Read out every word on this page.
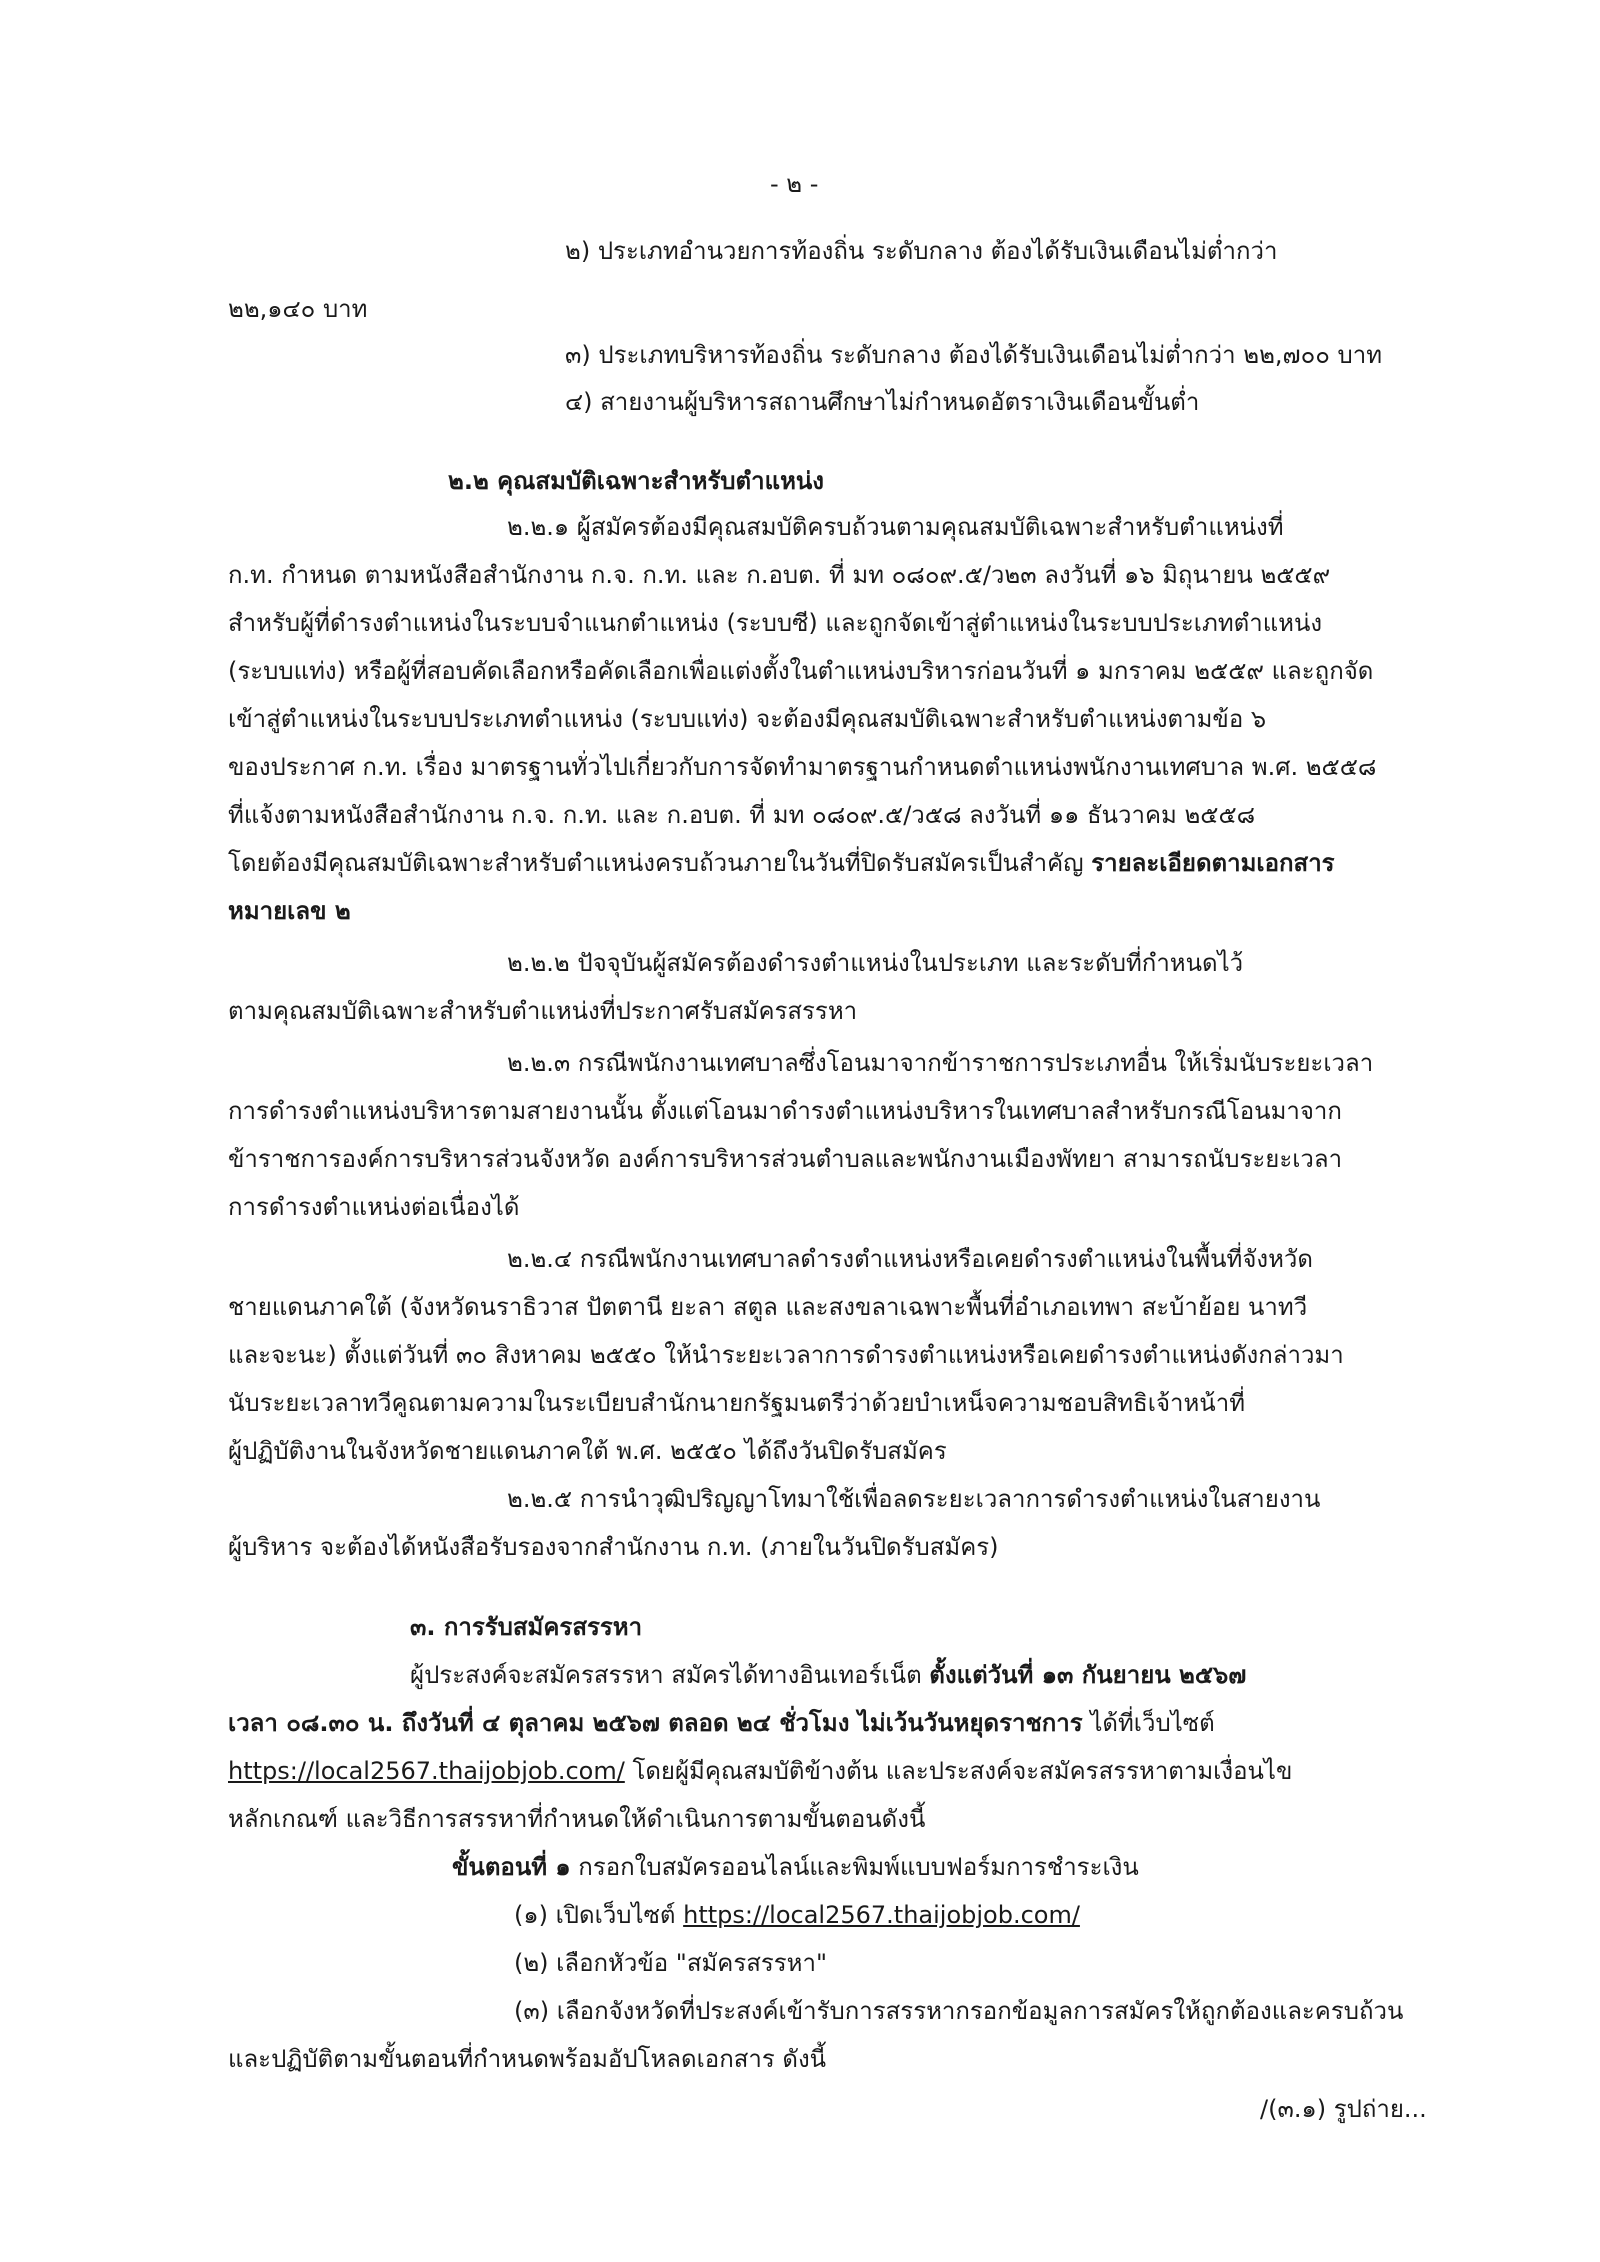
- ๒ -
๒) ประเภทอำนวยการท้องถิ่น ระดับกลาง ต้องได้รับเงินเดือนไม่ต่ำกว่า
๒๒,๑๔๐ บาท
๓) ประเภทบริหารท้องถิ่น ระดับกลาง ต้องได้รับเงินเดือนไม่ต่ำกว่า ๒๒,๗๐๐ บาท
๔) สายงานผู้บริหารสถานศึกษาไม่กำหนดอัตราเงินเดือนขั้นต่ำ
๒.๒ คุณสมบัติเฉพาะสำหรับตำแหน่ง
๒.๒.๑ ผู้สมัครต้องมีคุณสมบัติครบถ้วนตามคุณสมบัติเฉพาะสำหรับตำแหน่งที่
ก.ท. กำหนด ตามหนังสือสำนักงาน ก.จ. ก.ท. และ ก.อบต. ที่ มท ๐๘๐๙.๕/ว๒๓ ลงวันที่ ๑๖ มิถุนายน ๒๕๕๙
สำหรับผู้ที่ดำรงตำแหน่งในระบบจำแนกตำแหน่ง (ระบบซี) และถูกจัดเข้าสู่ตำแหน่งในระบบประเภทตำแหน่ง
(ระบบแท่ง) หรือผู้ที่สอบคัดเลือกหรือคัดเลือกเพื่อแต่งตั้งในตำแหน่งบริหารก่อนวันที่ ๑ มกราคม ๒๕๕๙ และถูกจัด
เข้าสู่ตำแหน่งในระบบประเภทตำแหน่ง (ระบบแท่ง) จะต้องมีคุณสมบัติเฉพาะสำหรับตำแหน่งตามข้อ ๖
ของประกาศ ก.ท. เรื่อง มาตรฐานทั่วไปเกี่ยวกับการจัดทำมาตรฐานกำหนดตำแหน่งพนักงานเทศบาล พ.ศ. ๒๕๕๘
ที่แจ้งตามหนังสือสำนักงาน ก.จ. ก.ท. และ ก.อบต. ที่ มท ๐๘๐๙.๕/ว๕๘ ลงวันที่ ๑๑ ธันวาคม ๒๕๕๘
โดยต้องมีคุณสมบัติเฉพาะสำหรับตำแหน่งครบถ้วนภายในวันที่ปิดรับสมัครเป็นสำคัญ รายละเอียดตามเอกสาร
หมายเลข ๒
๒.๒.๒ ปัจจุบันผู้สมัครต้องดำรงตำแหน่งในประเภท และระดับที่กำหนดไว้
ตามคุณสมบัติเฉพาะสำหรับตำแหน่งที่ประกาศรับสมัครสรรหา
๒.๒.๓ กรณีพนักงานเทศบาลซึ่งโอนมาจากข้าราชการประเภทอื่น ให้เริ่มนับระยะเวลา
การดำรงตำแหน่งบริหารตามสายงานนั้น ตั้งแต่โอนมาดำรงตำแหน่งบริหารในเทศบาลสำหรับกรณีโอนมาจาก
ข้าราชการองค์การบริหารส่วนจังหวัด องค์การบริหารส่วนตำบลและพนักงานเมืองพัทยา สามารถนับระยะเวลา
การดำรงตำแหน่งต่อเนื่องได้
๒.๒.๔ กรณีพนักงานเทศบาลดำรงตำแหน่งหรือเคยดำรงตำแหน่งในพื้นที่จังหวัด
ชายแดนภาคใต้ (จังหวัดนราธิวาส ปัตตานี ยะลา สตูล และสงขลาเฉพาะพื้นที่อำเภอเทพา สะบ้าย้อย นาทวี
และจะนะ) ตั้งแต่วันที่ ๓๐ สิงหาคม ๒๕๕๐ ให้นำระยะเวลาการดำรงตำแหน่งหรือเคยดำรงตำแหน่งดังกล่าวมา
นับระยะเวลาทวีคูณตามความในระเบียบสำนักนายกรัฐมนตรีว่าด้วยบำเหน็จความชอบสิทธิเจ้าหน้าที่
ผู้ปฏิบัติงานในจังหวัดชายแดนภาคใต้ พ.ศ. ๒๕๕๐ ได้ถึงวันปิดรับสมัคร
๒.๒.๕ การนำวุฒิปริญญาโทมาใช้เพื่อลดระยะเวลาการดำรงตำแหน่งในสายงาน
ผู้บริหาร จะต้องได้หนังสือรับรองจากสำนักงาน ก.ท. (ภายในวันปิดรับสมัคร)
๓. การรับสมัครสรรหา
ผู้ประสงค์จะสมัครสรรหา สมัครได้ทางอินเทอร์เน็ต ตั้งแต่วันที่ ๑๓ กันยายน ๒๕๖๗
เวลา ๐๘.๓๐ น. ถึงวันที่ ๔ ตุลาคม ๒๕๖๗ ตลอด ๒๔ ชั่วโมง ไม่เว้นวันหยุดราชการ ได้ที่เว็บไซต์
https://local2567.thaijobjob.com/ โดยผู้มีคุณสมบัติข้างต้น และประสงค์จะสมัครสรรหาตามเงื่อนไข
หลักเกณฑ์ และวิธีการสรรหาที่กำหนดให้ดำเนินการตามขั้นตอนดังนี้
ขั้นตอนที่ ๑ กรอกใบสมัครออนไลน์และพิมพ์แบบฟอร์มการชำระเงิน
(๑) เปิดเว็บไซต์ https://local2567.thaijobjob.com/
(๒) เลือกหัวข้อ "สมัครสรรหา"
(๓) เลือกจังหวัดที่ประสงค์เข้ารับการสรรหากรอกข้อมูลการสมัครให้ถูกต้องและครบถ้วน
และปฏิบัติตามขั้นตอนที่กำหนดพร้อมอัปโหลดเอกสาร ดังนี้
/(๓.๑) รูปถ่าย...
